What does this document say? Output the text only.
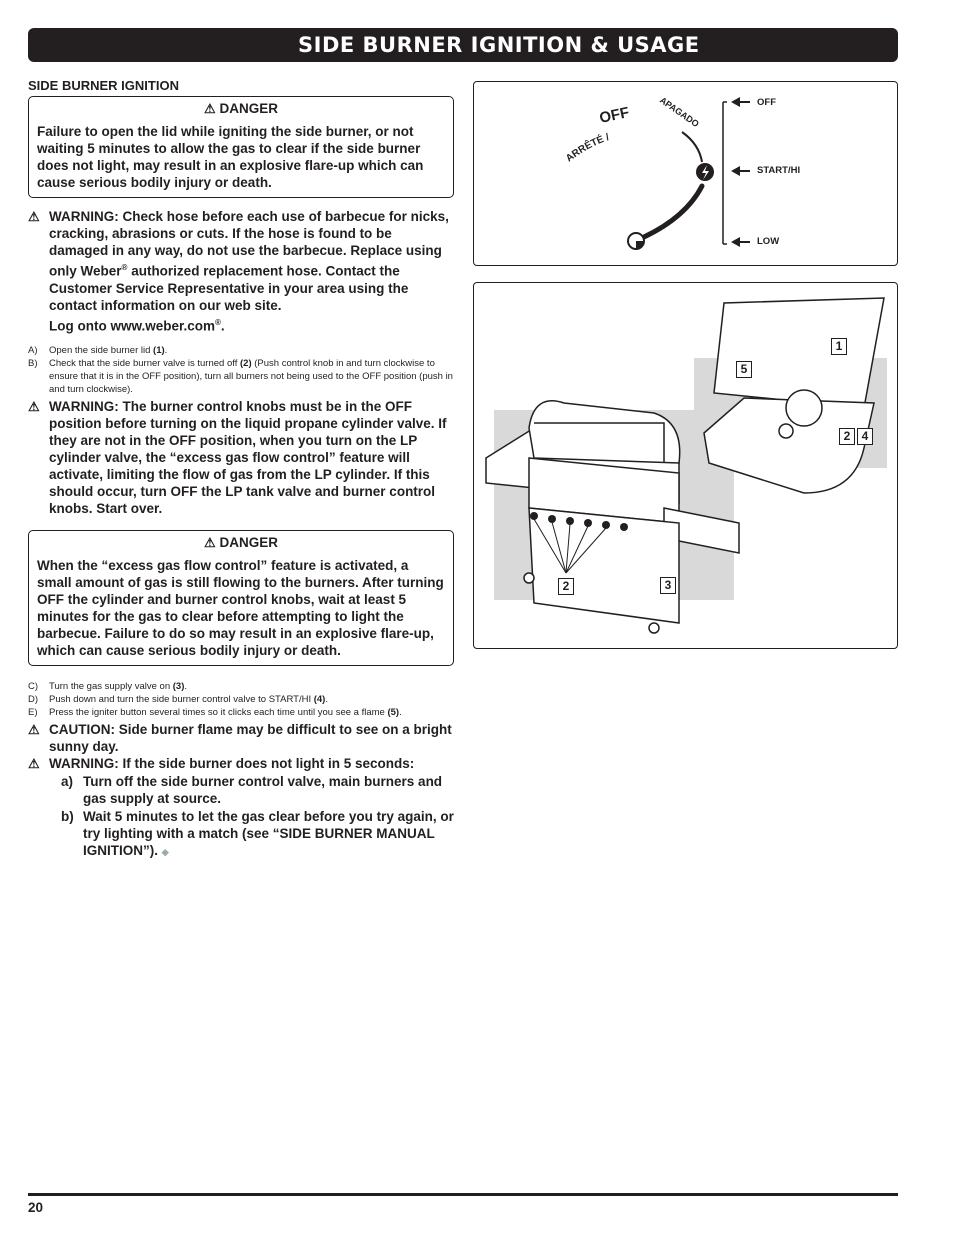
SIDE BURNER IGNITION & USAGE
SIDE BURNER IGNITION
⚠ DANGER
Failure to open the lid while igniting the side burner, or not waiting 5 minutes to allow the gas to clear if the side burner does not light, may result in an explosive flare-up which can cause serious bodily injury or death.
⚠ WARNING: Check hose before each use of barbecue for nicks, cracking, abrasions or cuts. If the hose is found to be damaged in any way, do not use the barbecue. Replace using only Weber® authorized replacement hose. Contact the Customer Service Representative in your area using the contact information on our web site.
Log onto www.weber.com®.
A)	Open the side burner lid (1).
B)	Check that the side burner valve is turned off (2) (Push control knob in and turn clockwise to ensure that it is in the OFF position), turn all burners not being used to the OFF position (push in and turn clockwise).
⚠ WARNING: The burner control knobs must be in the OFF position before turning on the liquid propane cylinder valve. If they are not in the OFF position, when you turn on the LP cylinder valve, the “excess gas flow control” feature will activate, limiting the flow of gas from the LP cylinder. If this should occur, turn OFF the LP tank valve and burner control knobs. Start over.
⚠ DANGER
When the “excess gas flow control” feature is activated, a small amount of gas is still flowing to the burners. After turning OFF the cylinder and burner control knobs, wait at least 5 minutes for the gas to clear before attempting to light the barbecue. Failure to do so may result in an explosive flare-up, which can cause serious bodily injury or death.
C)	Turn the gas supply valve on (3).
D)	Push down and turn the side burner control valve to START/HI (4).
E)	Press the igniter button several times so it clicks each time until you see a flame (5).
⚠ CAUTION: Side burner flame may be difficult to see on a bright sunny day.
⚠ WARNING: If the side burner does not light in 5 seconds:
a) Turn off the side burner control valve, main burners and gas supply at source.
b) Wait 5 minutes to let the gas clear before you try again, or try lighting with a match (see “SIDE BURNER MANUAL IGNITION”). ◆
ARRÊTÉ /
OFF	APAGADO	OFF
START/HI
LOW
1
5
2 4
2	3
20
